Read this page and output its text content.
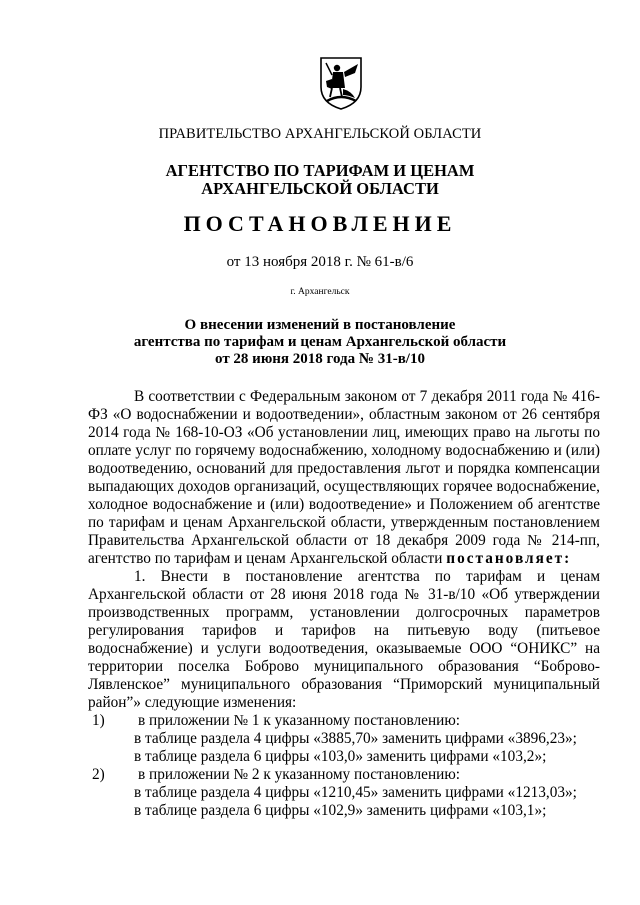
ПРАВИТЕЛЬСТВО АРХАНГЕЛЬСКОЙ ОБЛАСТИ
АГЕНТСТВО ПО ТАРИФАМ И ЦЕНАМ
АРХАНГЕЛЬСКОЙ ОБЛАСТИ
ПОСТАНОВЛЕНИЕ
от 13 ноября 2018 г. № 61-в/6
г. Архангельск
О внесении изменений в постановление
агентства по тарифам и ценам Архангельской области
от 28 июня 2018 года № 31-в/10

В соответствии с Федеральным законом от 7 декабря 2011 года № 416-ФЗ «О водоснабжении и водоотведении», областным законом от 26 сентября 2014 года № 168-10-ОЗ «Об установлении лиц, имеющих право на льготы по оплате услуг по горячему водоснабжению, холодному водоснабжению и (или) водоотведению, оснований для предоставления льгот и порядка компенсации выпадающих доходов организаций, осуществляющих горячее водоснабжение, холодное водоснабжение и (или) водоотведение» и Положением об агентстве по тарифам и ценам Архангельской области, утвержденным постановлением Правительства Архангельской области от 18 декабря 2009 года № 214-пп, агентство по тарифам и ценам Архангельской области постановляет:

1. Внести в постановление агентства по тарифам и ценам Архангельской области от 28 июня 2018 года № 31-в/10 «Об утверждении производственных программ, установлении долгосрочных параметров регулирования тарифов и тарифов на питьевую воду (питьевое водоснабжение) и услуги водоотведения, оказываемые ООО “ОНИКС” на территории поселка Боброво муниципального образования “Боброво-Лявленское” муниципального образования “Приморский муниципальный район”» следующие изменения:

1) в приложении № 1 к указанному постановлению:

в таблице раздела 4 цифры «3885,70» заменить цифрами «3896,23»;

в таблице раздела 6 цифры «103,0» заменить цифрами «103,2»;

2) в приложении № 2 к указанному постановлению:

в таблице раздела 4 цифры «1210,45» заменить цифрами «1213,03»;

в таблице раздела 6 цифры «102,9» заменить цифрами «103,1»;
